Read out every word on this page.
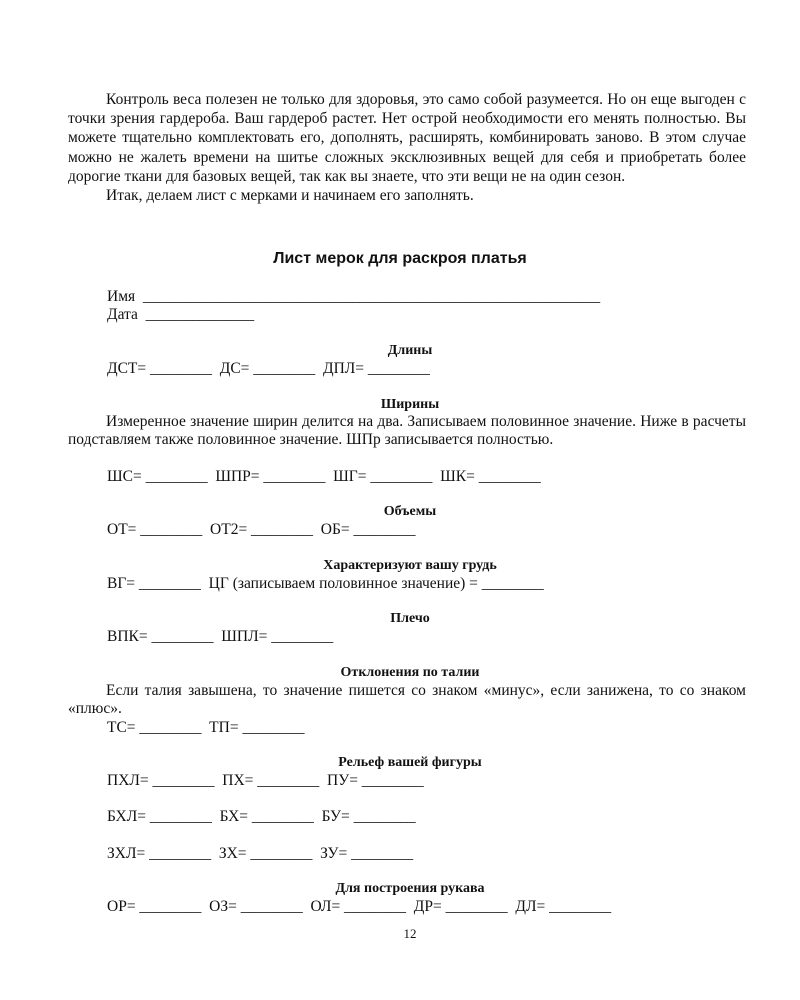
Контроль веса полезен не только для здоровья, это само собой разумеется. Но он еще выгоден с точки зрения гардероба. Ваш гардероб растет. Нет острой необходимости его менять полностью. Вы можете тщательно комплектовать его, дополнять, расширять, комбинировать заново. В этом случае можно не жалеть времени на шитье сложных эксклюзивных вещей для себя и приобретать более дорогие ткани для базовых вещей, так как вы знаете, что эти вещи не на один сезон.

Итак, делаем лист с мерками и начинаем его заполнять.

Лист мерок для раскроя платья
Имя  ___________________________________________________________
Дата  ______________
Длины
ДСТ= ________  ДС= ________  ДПЛ= ________
Ширины

Измеренное значение ширин делится на два. Записываем половинное значение. Ниже в расчеты подставляем также половинное значение. ШПр записывается полностью.

ШС= ________  ШПР= ________  ШГ= ________  ШК= ________
Объемы
ОТ= ________  ОТ2= ________  ОБ= ________
Характеризуют вашу грудь
ВГ= ________  ЦГ (записываем половинное значение) = ________
Плечо
ВПК= ________  ШПЛ= ________
Отклонения по талии

Если талия завышена, то значение пишется со знаком «минус», если занижена, то со знаком «плюс».

ТС= ________  ТП= ________
Рельеф вашей фигуры
ПХЛ= ________  ПХ= ________  ПУ= ________
БХЛ= ________  БХ= ________  БУ= ________
ЗХЛ= ________  ЗХ= ________  ЗУ= ________
Для построения рукава
ОР= ________  ОЗ= ________  ОЛ= ________  ДР= ________  ДЛ= ________
12
